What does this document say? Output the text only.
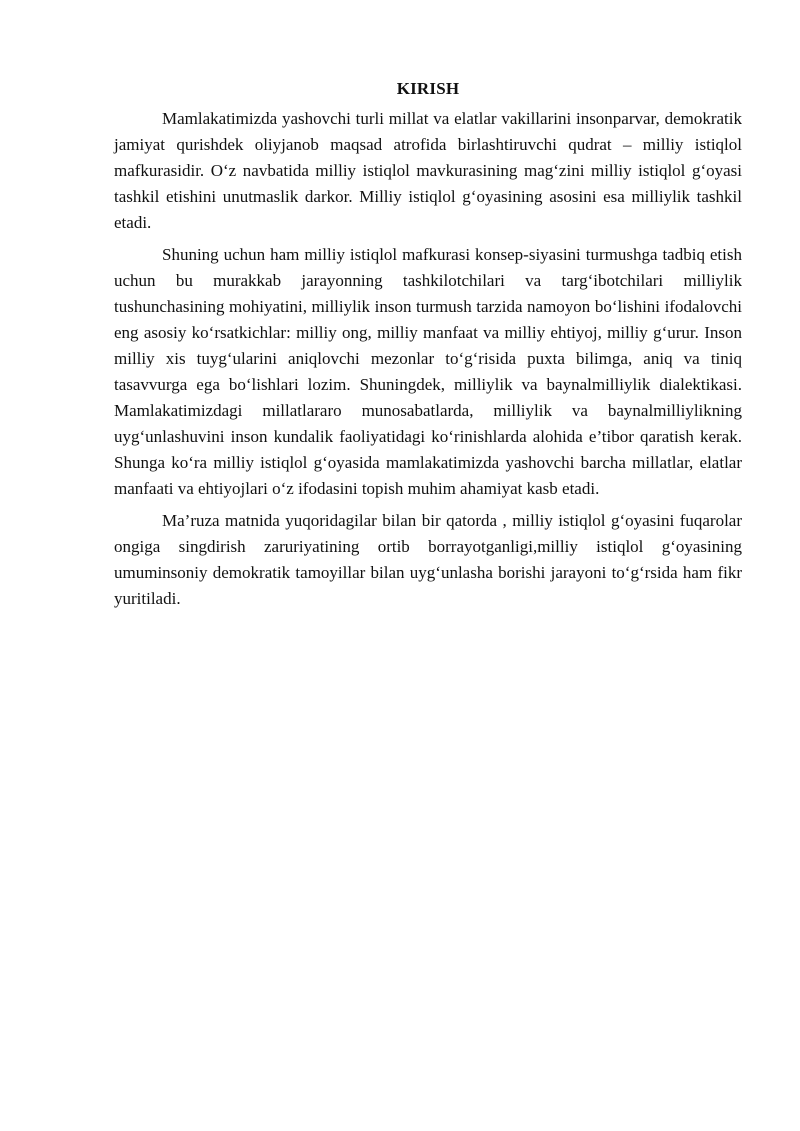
KIRISH

Mamlakatimizda yashovchi turli millat va elatlar vakillarini insonparvar, demokratik jamiyat qurishdek oliyjanob maqsad atrofida birlashtiruvchi qudrat – milliy istiqlol mafkurasidir. O‘z navbatida milliy istiqlol mavkurasining mag‘zini milliy istiqlol g‘oyasi tashkil etishini unutmaslik darkor. Milliy istiqlol g‘oyasining asosini esa milliylik tashkil etadi.

Shuning uchun ham milliy istiqlol mafkurasi konsep-siyasini turmushga tadbiq etish uchun bu murakkab jarayonning tashkilotchilari va targ‘ibotchilari milliylik tushunchasining mohiyatini, milliylik inson turmush tarzida namoyon bo‘lishini ifodalovchi eng asosiy ko‘rsatkichlar: milliy ong, milliy manfaat va milliy ehtiyoj, milliy g‘urur. Inson milliy xis tuyg‘ularini aniqlovchi mezonlar to‘g‘risida puxta bilimga, aniq va tiniq tasavvurga ega bo‘lishlari lozim. Shuningdek, milliylik va baynalmilliylik dialektikasi. Mamlakatimizdagi millatlararo munosabatlarda, milliylik va baynalmilliylikning uyg‘unlashuvini inson kundalik faoliyatidagi ko‘rinishlarda alohida e’tibor qaratish kerak. Shunga ko‘ra milliy istiqlol g‘oyasida mamlakatimizda yashovchi barcha millatlar, elatlar manfaati va ehtiyojlari o‘z ifodasini topish muhim ahamiyat kasb etadi.

Ma’ruza matnida yuqoridagilar bilan bir qatorda , milliy istiqlol g‘oyasini fuqarolar ongiga singdirish zaruriyatining ortib borrayotganligi,milliy istiqlol g‘oyasining umuminsoniy demokratik tamoyillar bilan uyg‘unlasha borishi jarayoni to‘g‘rsida ham fikr yuritiladi.
